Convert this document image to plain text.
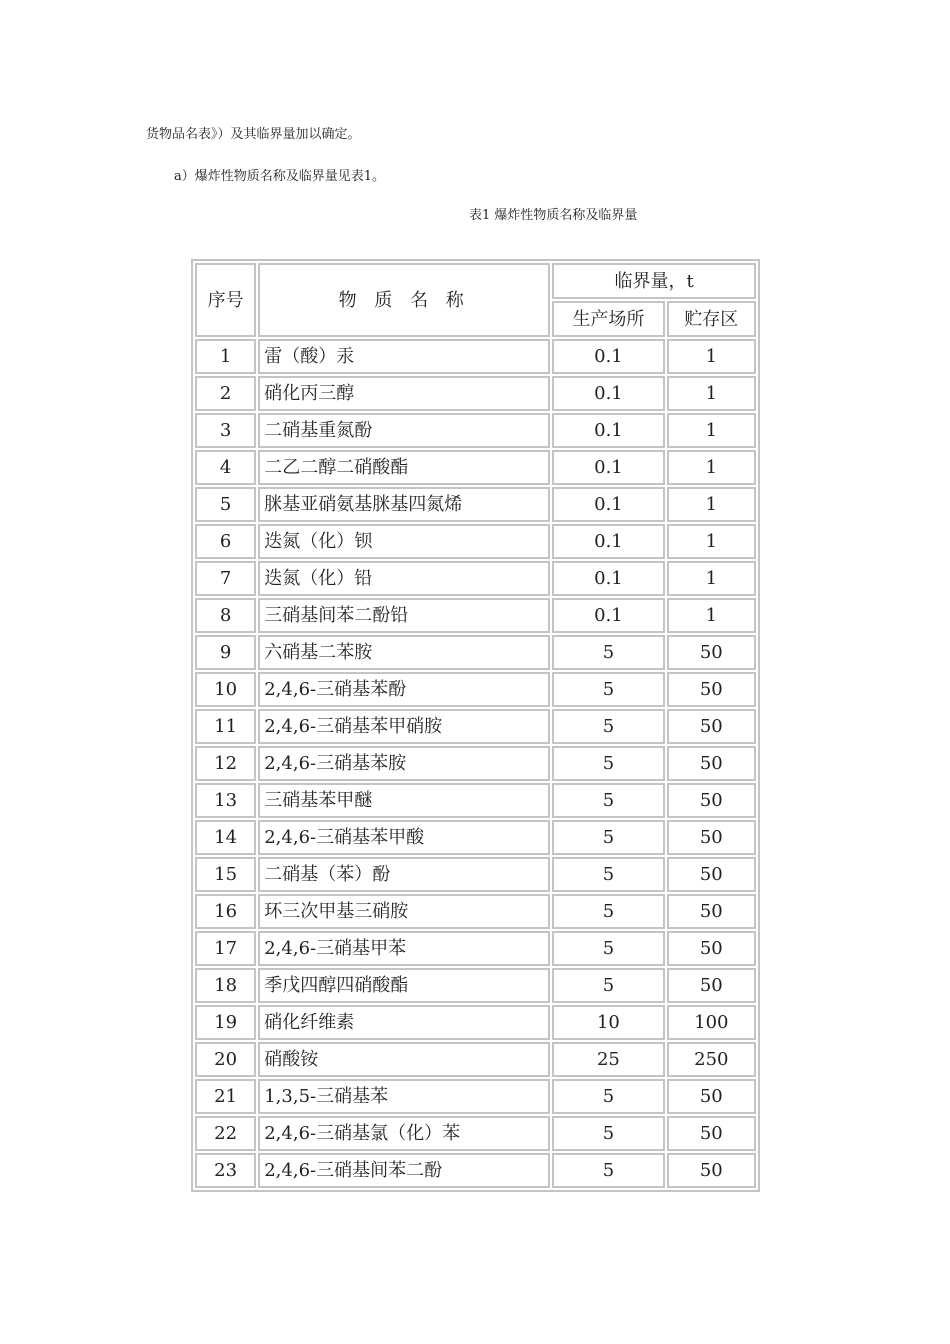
货物品名表》）及其临界量加以确定。
a）爆炸性物质名称及临界量见表1。
表1 爆炸性物质名称及临界量
序号	物 质 名 称	临界量，t	
		生产场所	贮存区
1	雷（酸）汞	0.1	1
2	硝化丙三醇	0.1	1
3	二硝基重氮酚	0.1	1
4	二乙二醇二硝酸酯	0.1	1
5	脒基亚硝氨基脒基四氮烯	0.1	1
6	迭氮（化）钡	0.1	1
7	迭氮（化）铅	0.1	1
8	三硝基间苯二酚铅	0.1	1
9	六硝基二苯胺	5	50
10	2,4,6-三硝基苯酚	5	50
11	2,4,6-三硝基苯甲硝胺	5	50
12	2,4,6-三硝基苯胺	5	50
13	三硝基苯甲醚	5	50
14	2,4,6-三硝基苯甲酸	5	50
15	二硝基（苯）酚	5	50
16	环三次甲基三硝胺	5	50
17	2,4,6-三硝基甲苯	5	50
18	季戊四醇四硝酸酯	5	50
19	硝化纤维素	10	100
20	硝酸铵	25	250
21	1,3,5-三硝基苯	5	50
22	2,4,6-三硝基氯（化）苯	5	50
23	2,4,6-三硝基间苯二酚	5	50
